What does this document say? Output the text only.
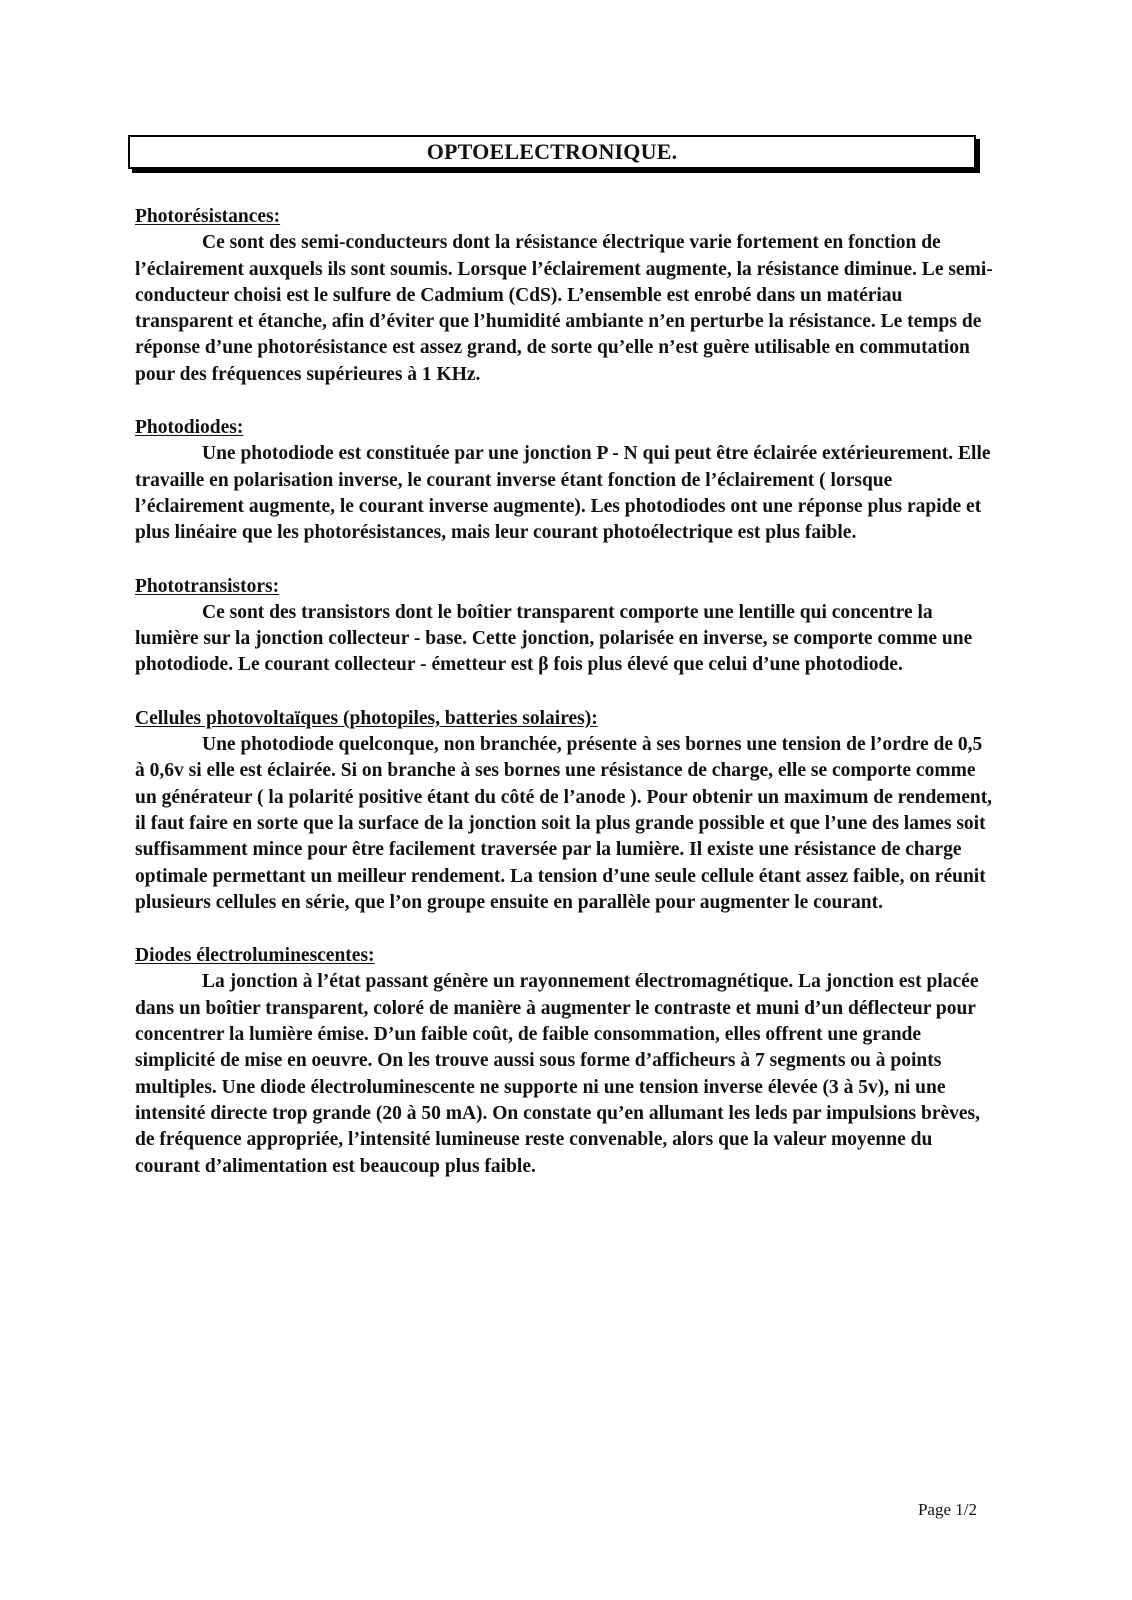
OPTOELECTRONIQUE.
Photorésistances:

Ce sont des semi-conducteurs dont la résistance électrique varie fortement en fonction de l’éclairement auxquels ils sont soumis. Lorsque l’éclairement augmente, la résistance diminue. Le semi-conducteur choisi est le sulfure de Cadmium (CdS). L’ensemble est enrobé dans un matériau transparent et étanche, afin d’éviter que l’humidité ambiante n’en perturbe la résistance. Le temps de réponse d’une photorésistance est assez grand, de sorte qu’elle n’est guère utilisable en commutation pour des fréquences supérieures à 1 KHz.

Photodiodes:

Une photodiode est constituée par une jonction P - N qui peut être éclairée extérieurement. Elle travaille en polarisation inverse, le courant inverse étant fonction de l’éclairement ( lorsque l’éclairement augmente, le courant inverse augmente). Les photodiodes ont une réponse plus rapide et plus linéaire que les photorésistances, mais leur courant photoélectrique est plus faible.

Phototransistors:

Ce sont des transistors dont le boîtier transparent comporte une lentille qui concentre la lumière sur la jonction collecteur - base. Cette jonction, polarisée en inverse, se comporte comme une photodiode. Le courant collecteur - émetteur est β fois plus élevé que celui d’une photodiode.

Cellules photovoltaïques (photopiles, batteries solaires):

Une photodiode quelconque, non branchée, présente à ses bornes une tension de l’ordre de 0,5 à 0,6v si elle est éclairée. Si on branche à ses bornes une résistance de charge, elle se comporte comme un générateur ( la polarité positive étant du côté de l’anode ). Pour obtenir un maximum de rendement, il faut faire en sorte que la surface de la jonction soit la plus grande possible et que l’une des lames soit suffisamment mince pour être facilement traversée par la lumière. Il existe une résistance de charge optimale permettant un meilleur rendement. La tension d’une seule cellule étant assez faible, on réunit plusieurs cellules en série, que l’on groupe ensuite en parallèle pour augmenter le courant.

Diodes électroluminescentes:

La jonction à l’état passant génère un rayonnement électromagnétique. La jonction est placée dans un boîtier transparent, coloré de manière à augmenter le contraste et muni d’un déflecteur pour concentrer la lumière émise. D’un faible coût, de faible consommation, elles offrent une grande simplicité de mise en oeuvre. On les trouve aussi sous forme d’afficheurs à 7 segments ou à points multiples. Une diode électroluminescente ne supporte ni une tension inverse élevée (3 à 5v), ni une intensité directe trop grande (20 à 50 mA). On constate qu’en allumant les leds par impulsions brèves, de fréquence appropriée, l’intensité lumineuse reste convenable, alors que la valeur moyenne du courant d’alimentation est beaucoup plus faible.

Page 1/2
